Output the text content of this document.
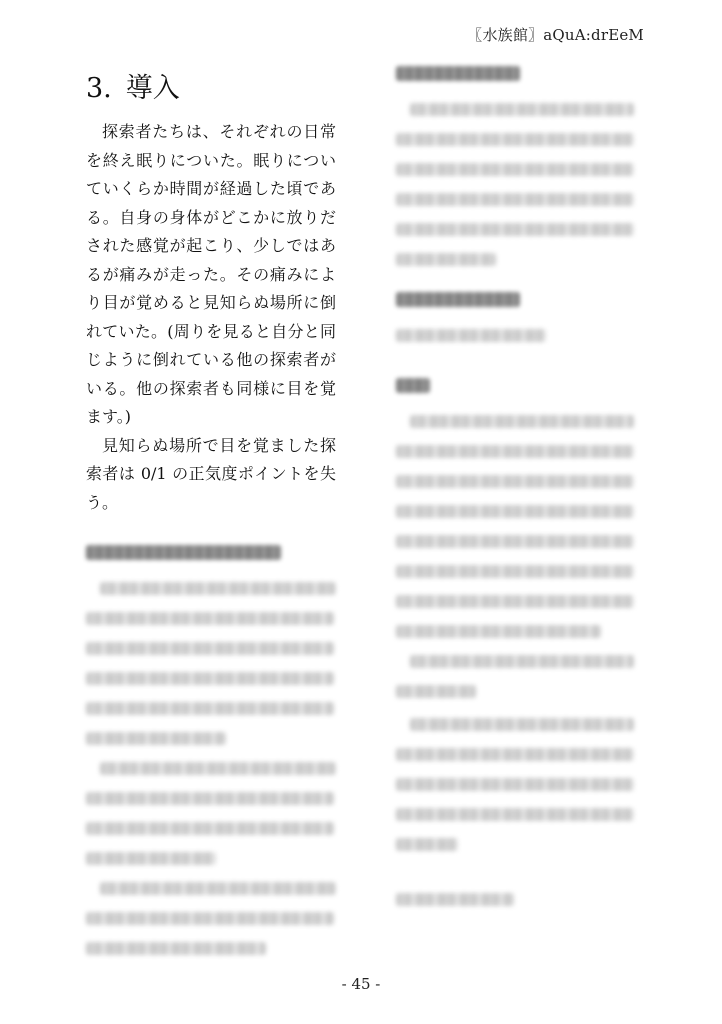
〖水族館〗aQuA:drEeM
3. 導入

探索者たちは、それぞれの日常を終え眠りについた。眠りについていくらか時間が経過した頃である。自身の身体がどこかに放りだされた感覚が起こり、少しではあるが痛みが走った。その痛みにより目が覚めると見知らぬ場所に倒れていた。(周りを見ると自分と同じように倒れている他の探索者がいる。他の探索者も同様に目を覚ます。)

見知らぬ場所で目を覚ました探索者は 0/1 の正気度ポイントを失う。

- 45 -
